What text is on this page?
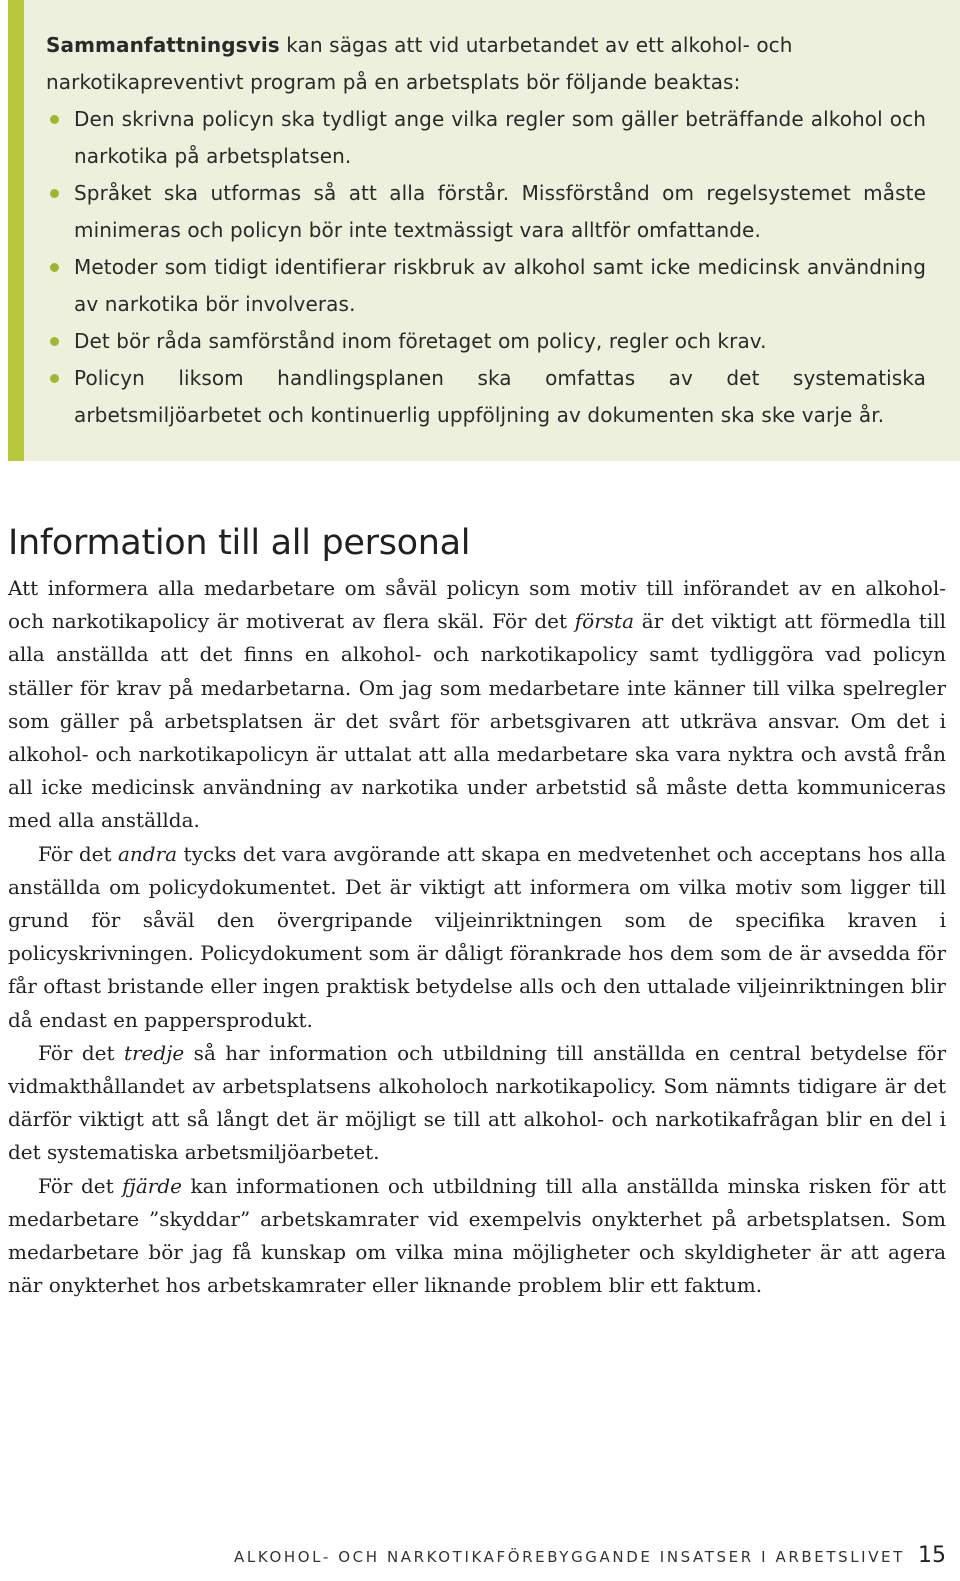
Sammanfattningsvis kan sägas att vid utarbetandet av ett alkohol- och narkotikapreventivt program på en arbetsplats bör följande beaktas:
Den skrivna policyn ska tydligt ange vilka regler som gäller beträffande alkohol och narkotika på arbetsplatsen.
Språket ska utformas så att alla förstår. Missförstånd om regelsystemet måste minimeras och policyn bör inte textmässigt vara alltför omfattande.
Metoder som tidigt identifierar riskbruk av alkohol samt icke medicinsk användning av narkotika bör involveras.
Det bör råda samförstånd inom företaget om policy, regler och krav.
Policyn liksom handlingsplanen ska omfattas av det systematiska arbetsmiljöarbetet och kontinuerlig uppföljning av dokumenten ska ske varje år.
Information till all personal

Att informera alla medarbetare om såväl policyn som motiv till införandet av en alkohol- och narkotikapolicy är motiverat av flera skäl. För det första är det viktigt att förmedla till alla anställda att det finns en alkohol- och narkotikapolicy samt tydliggöra vad policyn ställer för krav på medarbetarna. Om jag som medarbetare inte känner till vilka spelregler som gäller på arbetsplatsen är det svårt för arbetsgivaren att utkräva ansvar. Om det i alkohol- och narkotikapolicyn är uttalat att alla medarbetare ska vara nyktra och avstå från all icke medicinsk användning av narkotika under arbetstid så måste detta kommuniceras med alla anställda.

För det andra tycks det vara avgörande att skapa en medvetenhet och acceptans hos alla anställda om policydokumentet. Det är viktigt att informera om vilka motiv som ligger till grund för såväl den övergripande viljeinriktningen som de specifika kraven i policyskrivningen. Policydokument som är dåligt förankrade hos dem som de är avsedda för får oftast bristande eller ingen praktisk betydelse alls och den uttalade viljeinriktningen blir då endast en pappersprodukt.

För det tredje så har information och utbildning till anställda en central betydelse för vidmakthållandet av arbetsplatsens alkoholoch narkotikapolicy. Som nämnts tidigare är det därför viktigt att så långt det är möjligt se till att alkohol- och narkotikafrågan blir en del i det systematiska arbetsmiljöarbetet.

För det fjärde kan informationen och utbildning till alla anställda minska risken för att medarbetare ”skyddar” arbetskamrater vid exempelvis onykterhet på arbetsplatsen. Som medarbetare bör jag få kunskap om vilka mina möjligheter och skyldigheter är att agera när onykterhet hos arbetskamrater eller liknande problem blir ett faktum.

ALKOHOL- OCH NARKOTIKAFÖREBYGGANDE INSATSER I ARBETSLIVET 15
